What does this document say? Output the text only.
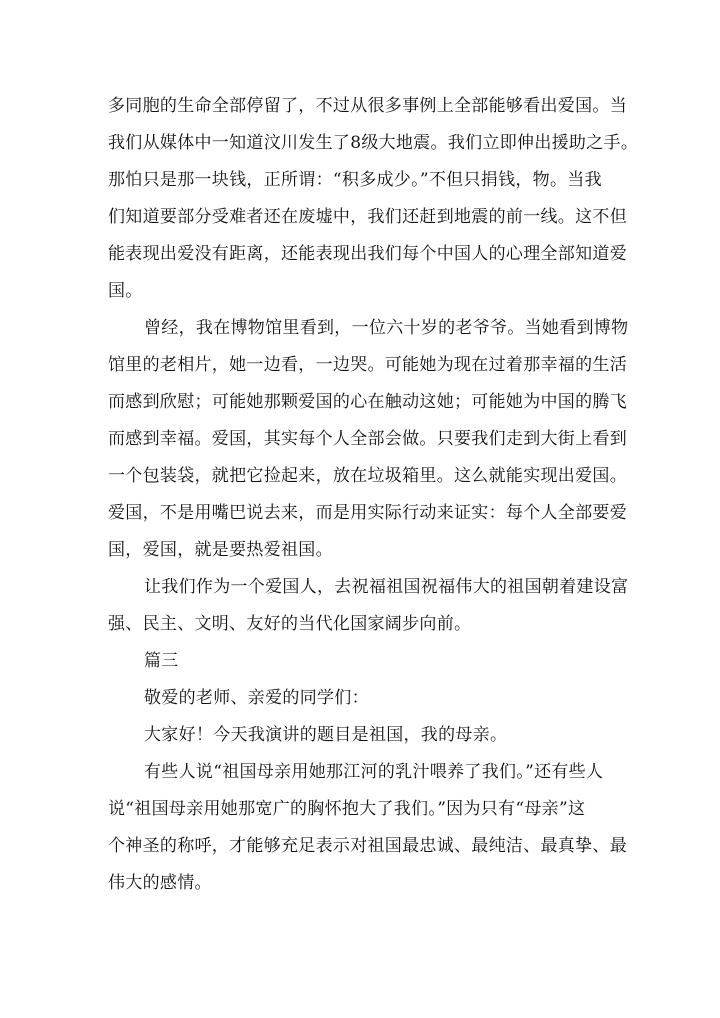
多同胞的生命全部停留了，不过从很多事例上全部能够看出爱国。当
我们从媒体中一知道汶川发生了8级大地震。我们立即伸出援助之手。
那怕只是那一块钱，正所谓：“积多成少。”不但只捐钱，物。当我
们知道要部分受难者还在废墟中，我们还赶到地震的前一线。这不但
能表现出爱没有距离，还能表现出我们每个中国人的心理全部知道爱
国。
曾经，我在博物馆里看到，一位六十岁的老爷爷。当她看到博物
馆里的老相片，她一边看，一边哭。可能她为现在过着那幸福的生活
而感到欣慰；可能她那颗爱国的心在触动这她；可能她为中国的腾飞
而感到幸福。爱国，其实每个人全部会做。只要我们走到大街上看到
一个包装袋，就把它捡起来，放在垃圾箱里。这么就能实现出爱国。
爱国，不是用嘴巴说去来，而是用实际行动来证实：每个人全部要爱
国，爱国，就是要热爱祖国。
让我们作为一个爱国人，去祝福祖国祝福伟大的祖国朝着建设富
强、民主、文明、友好的当代化国家阔步向前。
篇三
敬爱的老师、亲爱的同学们：
大家好！今天我演讲的题目是祖国，我的母亲。
有些人说“祖国母亲用她那江河的乳汁喂养了我们。”还有些人
说“祖国母亲用她那宽广的胸怀抱大了我们。”因为只有“母亲”这
个神圣的称呼，才能够充足表示对祖国最忠诚、最纯洁、最真挚、最
伟大的感情。
